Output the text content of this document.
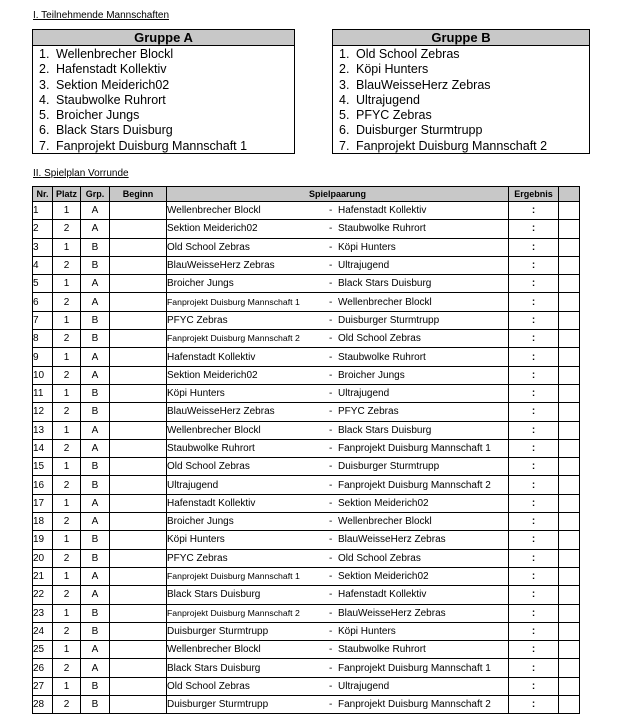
I. Teilnehmende Mannschaften
Gruppe A
1. Wellenbrecher Blockl
2. Hafenstadt Kollektiv
3. Sektion Meiderich02
4. Staubwolke Ruhrort
5. Broicher Jungs
6. Black Stars Duisburg
7. Fanprojekt Duisburg Mannschaft 1
Gruppe B
1. Old School Zebras
2. Köpi Hunters
3. BlauWeisseHerz Zebras
4. Ultrajugend
5. PFYC Zebras
6. Duisburger Sturmtrupp
7. Fanprojekt Duisburg Mannschaft 2
II. Spielplan Vorrunde
Nr.	Platz	Grp.	Beginn	Spielpaarung	Ergebnis	
1	1	A		Wellenbrecher Blockl - Hafenstadt Kollektiv	:	
2	2	A		Sektion Meiderich02 - Staubwolke Ruhrort	:	
3	1	B		Old School Zebras - Köpi Hunters	:	
4	2	B		BlauWeisseHerz Zebras - Ultrajugend	:	
5	1	A		Broicher Jungs - Black Stars Duisburg	:	
6	2	A		Fanprojekt Duisburg Mannschaft 1 - Wellenbrecher Blockl	:	
7	1	B		PFYC Zebras - Duisburger Sturmtrupp	:	
8	2	B		Fanprojekt Duisburg Mannschaft 2 - Old School Zebras	:	
9	1	A		Hafenstadt Kollektiv - Staubwolke Ruhrort	:	
10	2	A		Sektion Meiderich02 - Broicher Jungs	:	
11	1	B		Köpi Hunters - Ultrajugend	:	
12	2	B		BlauWeisseHerz Zebras - PFYC Zebras	:	
13	1	A		Wellenbrecher Blockl - Black Stars Duisburg	:	
14	2	A		Staubwolke Ruhrort - Fanprojekt Duisburg Mannschaft 1	:	
15	1	B		Old School Zebras - Duisburger Sturmtrupp	:	
16	2	B		Ultrajugend - Fanprojekt Duisburg Mannschaft 2	:	
17	1	A		Hafenstadt Kollektiv - Sektion Meiderich02	:	
18	2	A		Broicher Jungs - Wellenbrecher Blockl	:	
19	1	B		Köpi Hunters - BlauWeisseHerz Zebras	:	
20	2	B		PFYC Zebras - Old School Zebras	:	
21	1	A		Fanprojekt Duisburg Mannschaft 1 - Sektion Meiderich02	:	
22	2	A		Black Stars Duisburg - Hafenstadt Kollektiv	:	
23	1	B		Fanprojekt Duisburg Mannschaft 2 - BlauWeisseHerz Zebras	:	
24	2	B		Duisburger Sturmtrupp - Köpi Hunters	:	
25	1	A		Wellenbrecher Blockl - Staubwolke Ruhrort	:	
26	2	A		Black Stars Duisburg - Fanprojekt Duisburg Mannschaft 1	:	
27	1	B		Old School Zebras - Ultrajugend	:	
28	2	B		Duisburger Sturmtrupp - Fanprojekt Duisburg Mannschaft 2	:	
